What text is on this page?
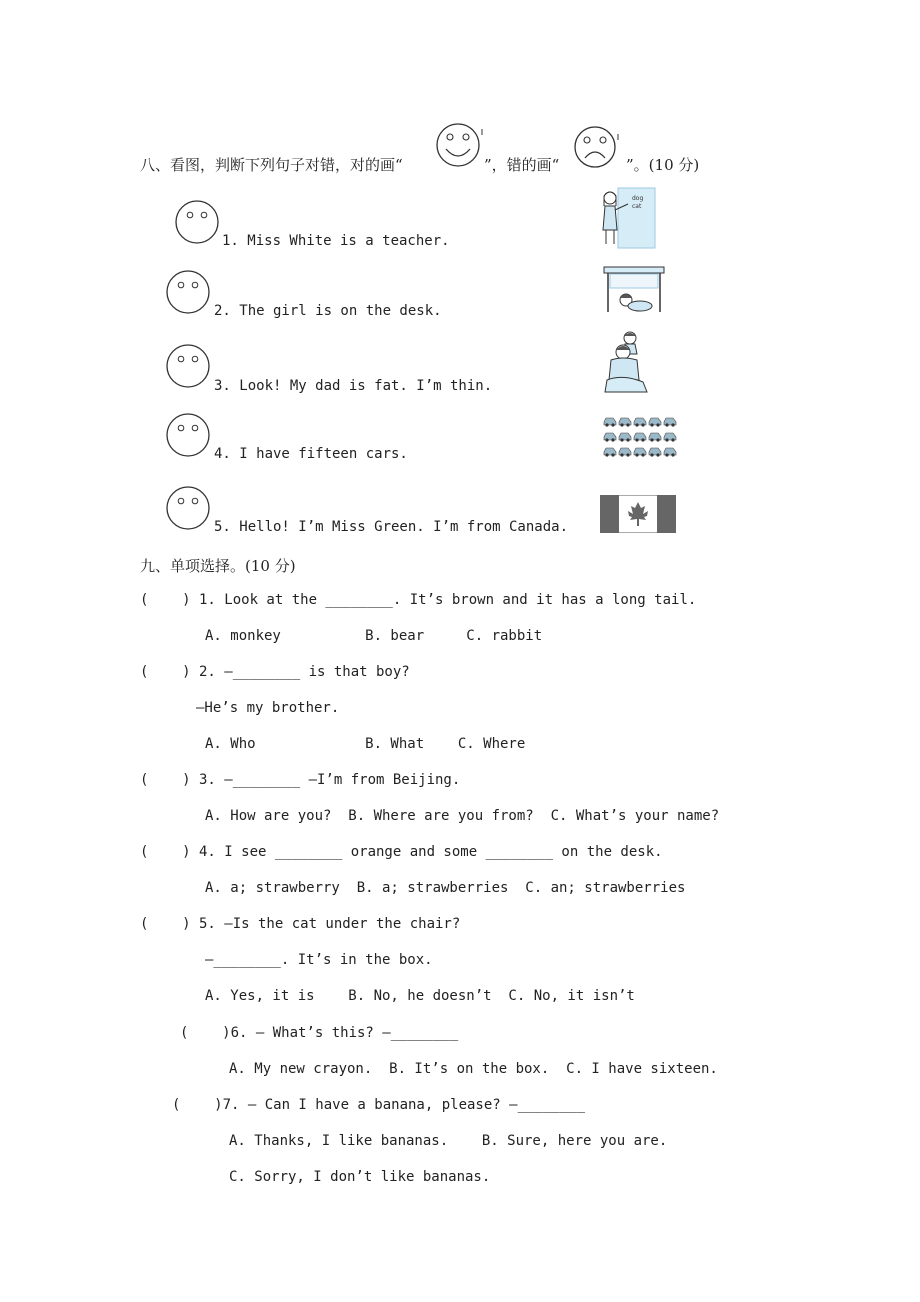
八、看图，判断下列句子对错，对的画“	”，错的画“	”。(10 分)
1. Miss White is a teacher.
dog
cat
2. The girl is on the desk.
3. Look! My dad is fat. I’m thin.
4. I have fifteen cars.
5. Hello! I’m Miss Green. I’m from Canada.
九、单项选择。(10 分)
(    ) 1. Look at the ________. It’s brown and it has a long tail.
A. monkey          B. bear     C. rabbit
(    ) 2. —________ is that boy?
—He’s my brother.
A. Who             B. What    C. Where
(    ) 3. —________ —I’m from Beijing.
A. How are you?  B. Where are you from?  C. What’s your name?
(    ) 4. I see ________ orange and some ________ on the desk.
A. a; strawberry  B. a; strawberries  C. an; strawberries
(    ) 5. —Is the cat under the chair?
—________. It’s in the box.
A. Yes, it is    B. No, he doesn’t  C. No, it isn’t
(    )6. — What’s this? —________
A. My new crayon.  B. It’s on the box.  C. I have sixteen.
(    )7. — Can I have a banana, please? —________
A. Thanks, I like bananas.    B. Sure, here you are.
C. Sorry, I don’t like bananas.
